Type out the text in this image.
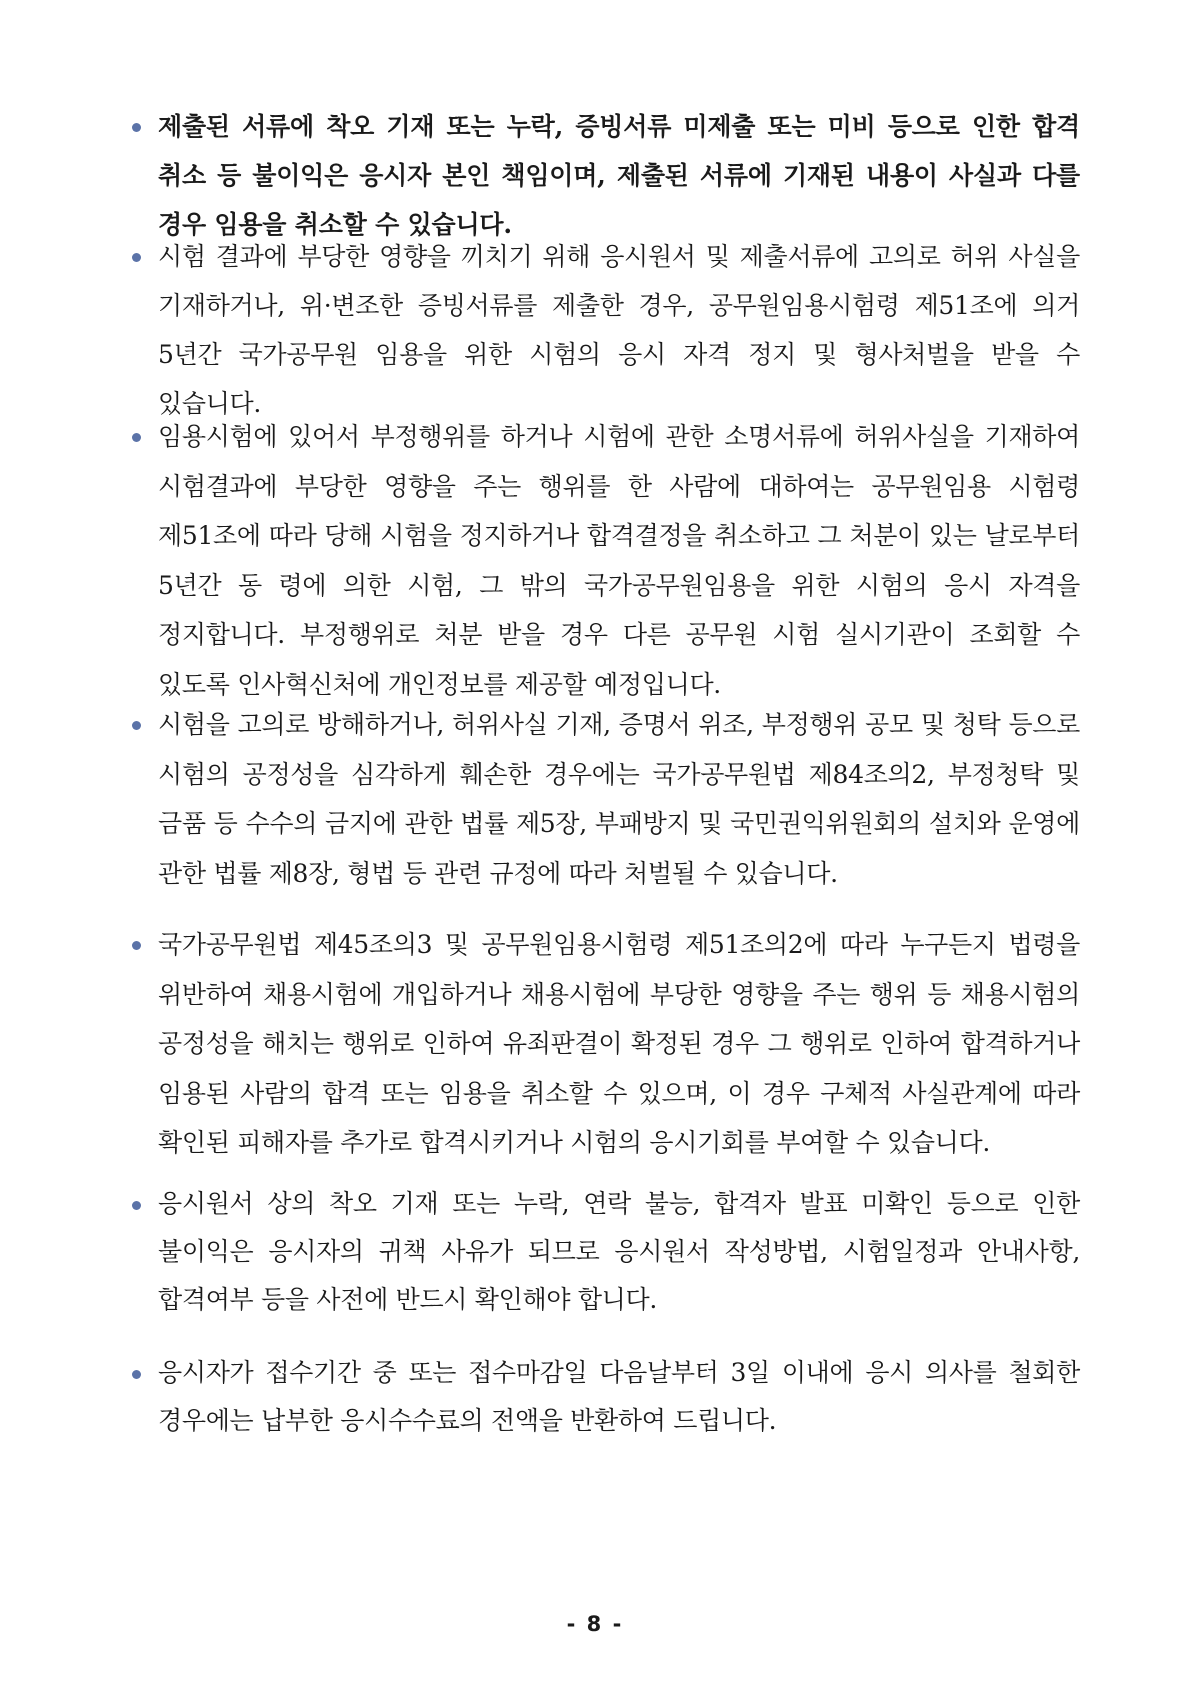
제출된 서류에 착오 기재 또는 누락, 증빙서류 미제출 또는 미비 등으로 인한 합격 취소 등 불이익은 응시자 본인 책임이며, 제출된 서류에 기재된 내용이 사실과 다를 경우 임용을 취소할 수 있습니다.
시험 결과에 부당한 영향을 끼치기 위해 응시원서 및 제출서류에 고의로 허위 사실을 기재하거나, 위·변조한 증빙서류를 제출한 경우, 공무원임용시험령 제51조에 의거 5년간 국가공무원 임용을 위한 시험의 응시 자격 정지 및 형사처벌을 받을 수 있습니다.
임용시험에 있어서 부정행위를 하거나 시험에 관한 소명서류에 허위사실을 기재하여 시험결과에 부당한 영향을 주는 행위를 한 사람에 대하여는 공무원임용 시험령 제51조에 따라 당해 시험을 정지하거나 합격결정을 취소하고 그 처분이 있는 날로부터 5년간 동 령에 의한 시험, 그 밖의 국가공무원임용을 위한 시험의 응시 자격을 정지합니다. 부정행위로 처분 받을 경우 다른 공무원 시험 실시기관이 조회할 수 있도록 인사혁신처에 개인정보를 제공할 예정입니다.
시험을 고의로 방해하거나, 허위사실 기재, 증명서 위조, 부정행위 공모 및 청탁 등으로 시험의 공정성을 심각하게 훼손한 경우에는 국가공무원법 제84조의2, 부정청탁 및 금품 등 수수의 금지에 관한 법률 제5장, 부패방지 및 국민권익위원회의 설치와 운영에 관한 법률 제8장, 형법 등 관련 규정에 따라 처벌될 수 있습니다.
국가공무원법 제45조의3 및 공무원임용시험령 제51조의2에 따라 누구든지 법령을 위반하여 채용시험에 개입하거나 채용시험에 부당한 영향을 주는 행위 등 채용시험의 공정성을 해치는 행위로 인하여 유죄판결이 확정된 경우 그 행위로 인하여 합격하거나 임용된 사람의 합격 또는 임용을 취소할 수 있으며, 이 경우 구체적 사실관계에 따라 확인된 피해자를 추가로 합격시키거나 시험의 응시기회를 부여할 수 있습니다.
응시원서 상의 착오 기재 또는 누락, 연락 불능, 합격자 발표 미확인 등으로 인한 불이익은 응시자의 귀책 사유가 되므로 응시원서 작성방법, 시험일정과 안내사항, 합격여부 등을 사전에 반드시 확인해야 합니다.
응시자가 접수기간 중 또는 접수마감일 다음날부터 3일 이내에 응시 의사를 철회한 경우에는 납부한 응시수수료의 전액을 반환하여 드립니다.
- 8 -
